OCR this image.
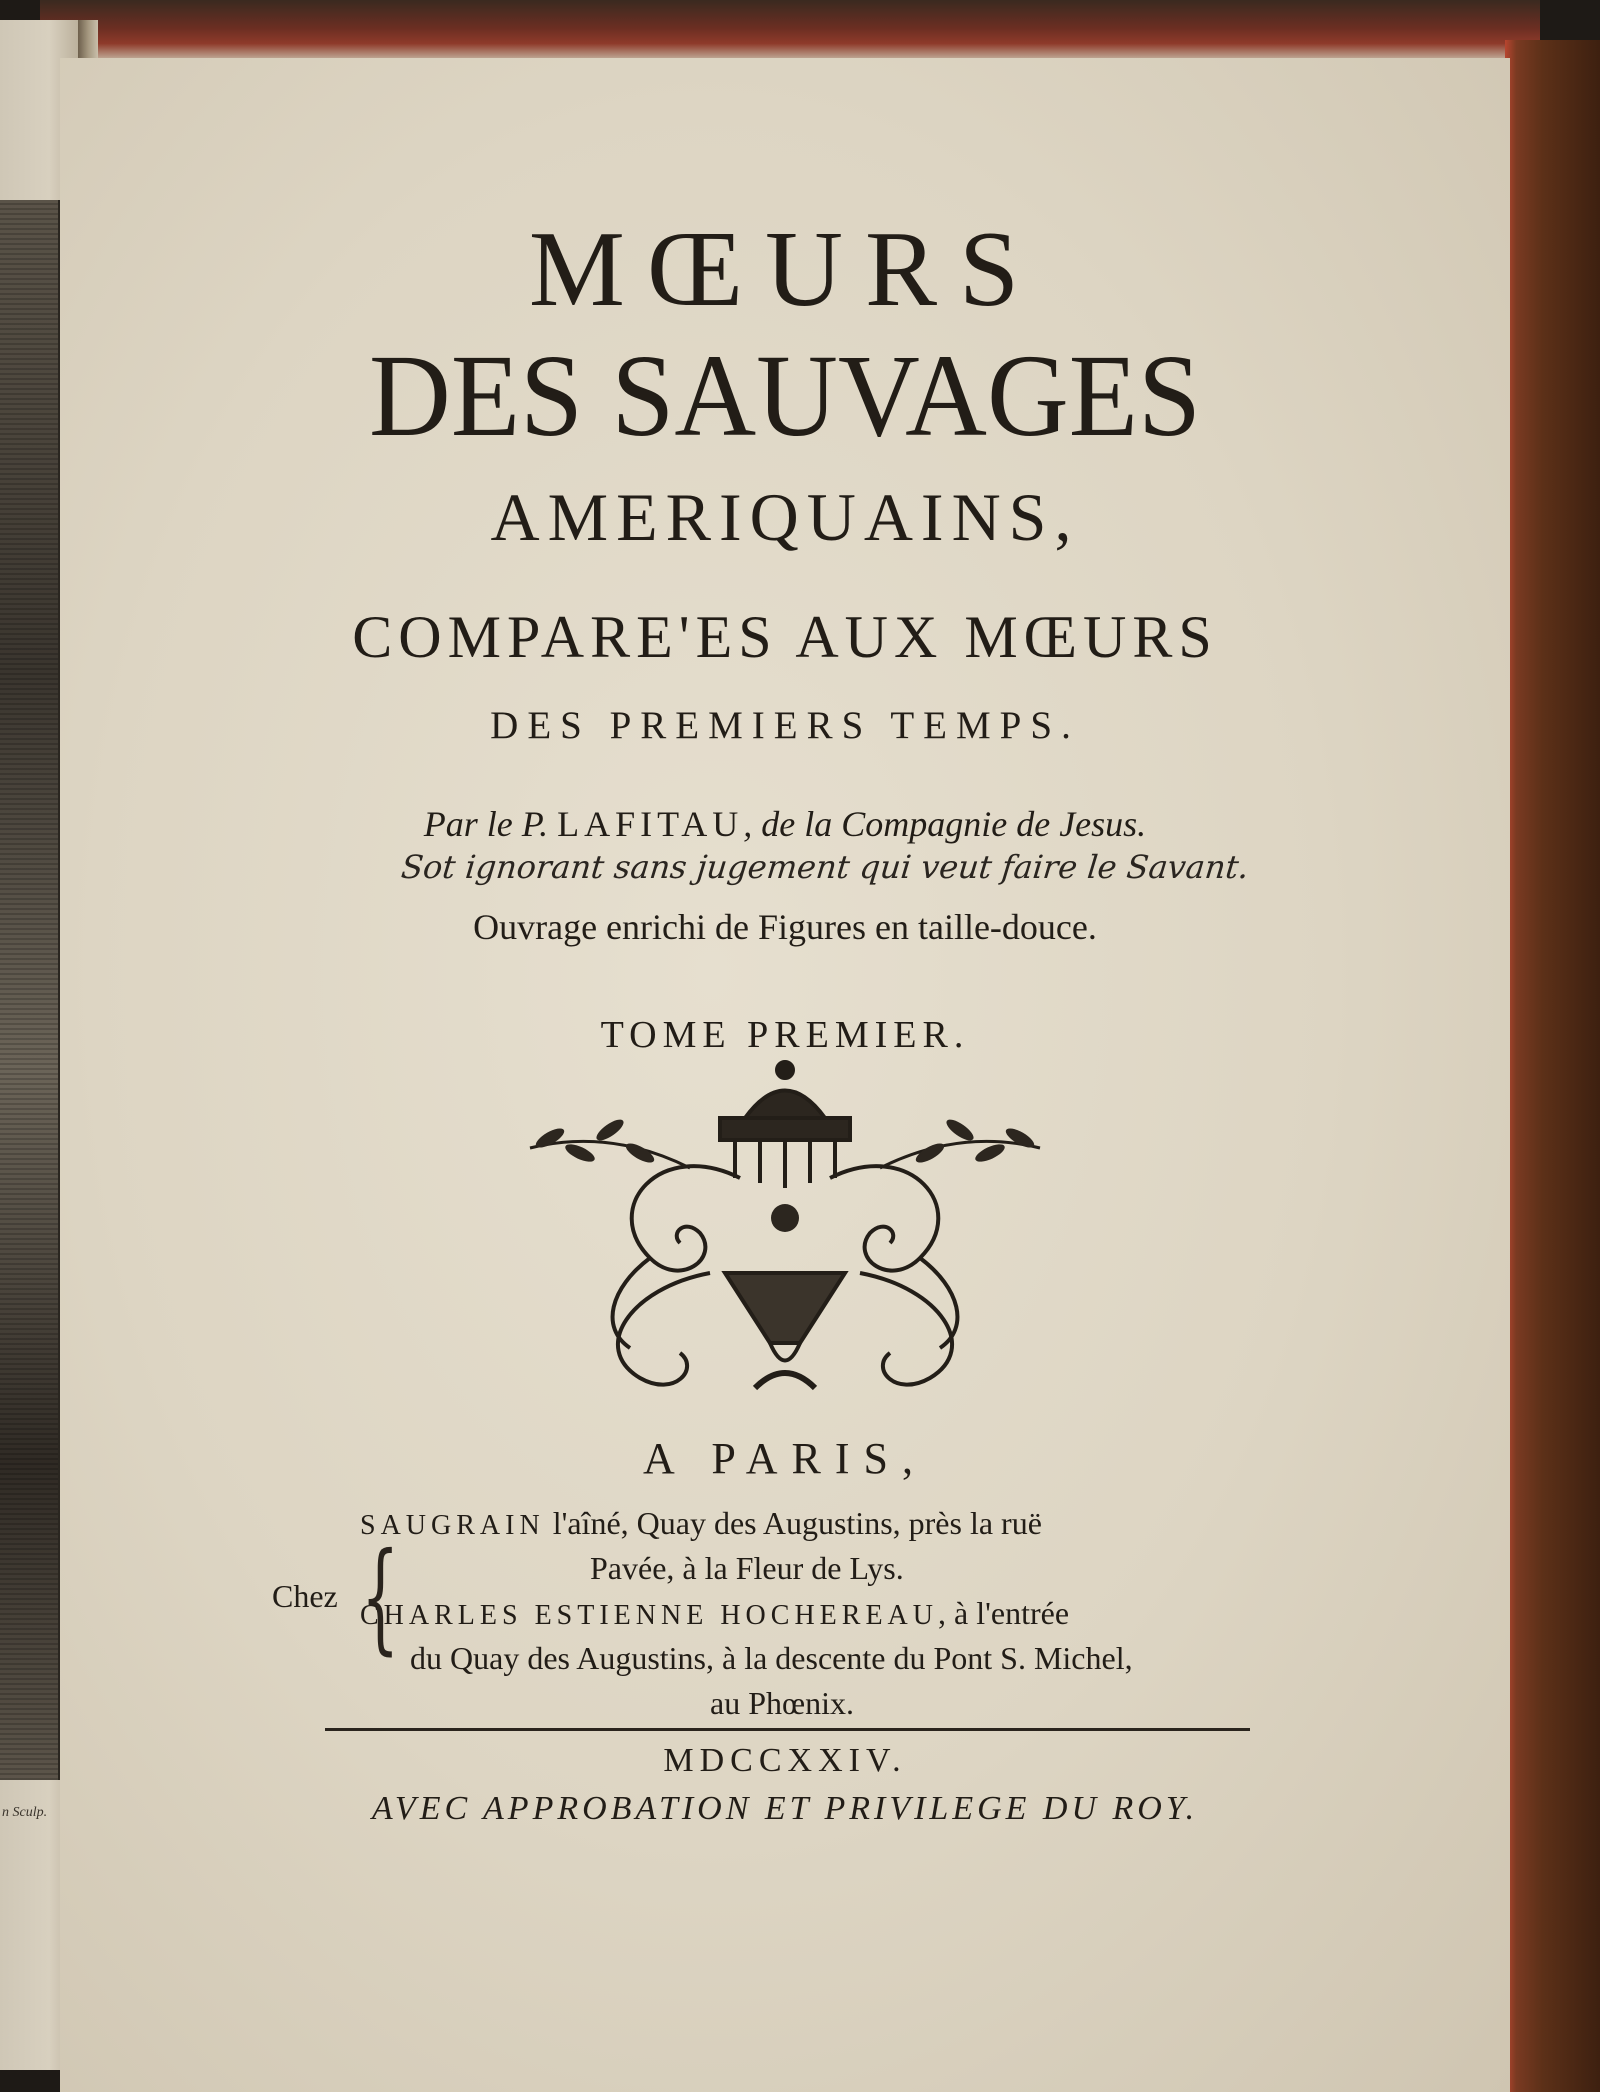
n Sculp.
MŒURS
DES SAUVAGES
AMERIQUAINS,
COMPARE'ES AUX MŒURS
DES PREMIERS TEMPS.
Par le P. LAFITAU, de la Compagnie de Jesus.
Sot ignorant sans jugement qui veut faire le Savant.
Ouvrage enrichi de Figures en taille-douce.
TOME PREMIER.
A PARIS,
Chez {
SAUGRAIN l'aîné, Quay des Augustins, près la ruë
Pavée, à la Fleur de Lys.
CHARLES ESTIENNE HOCHEREAU, à l'entrée
du Quay des Augustins, à la descente du Pont S. Michel,
au Phœnix.
MDCCXXIV.
AVEC APPROBATION ET PRIVILEGE DU ROY.
